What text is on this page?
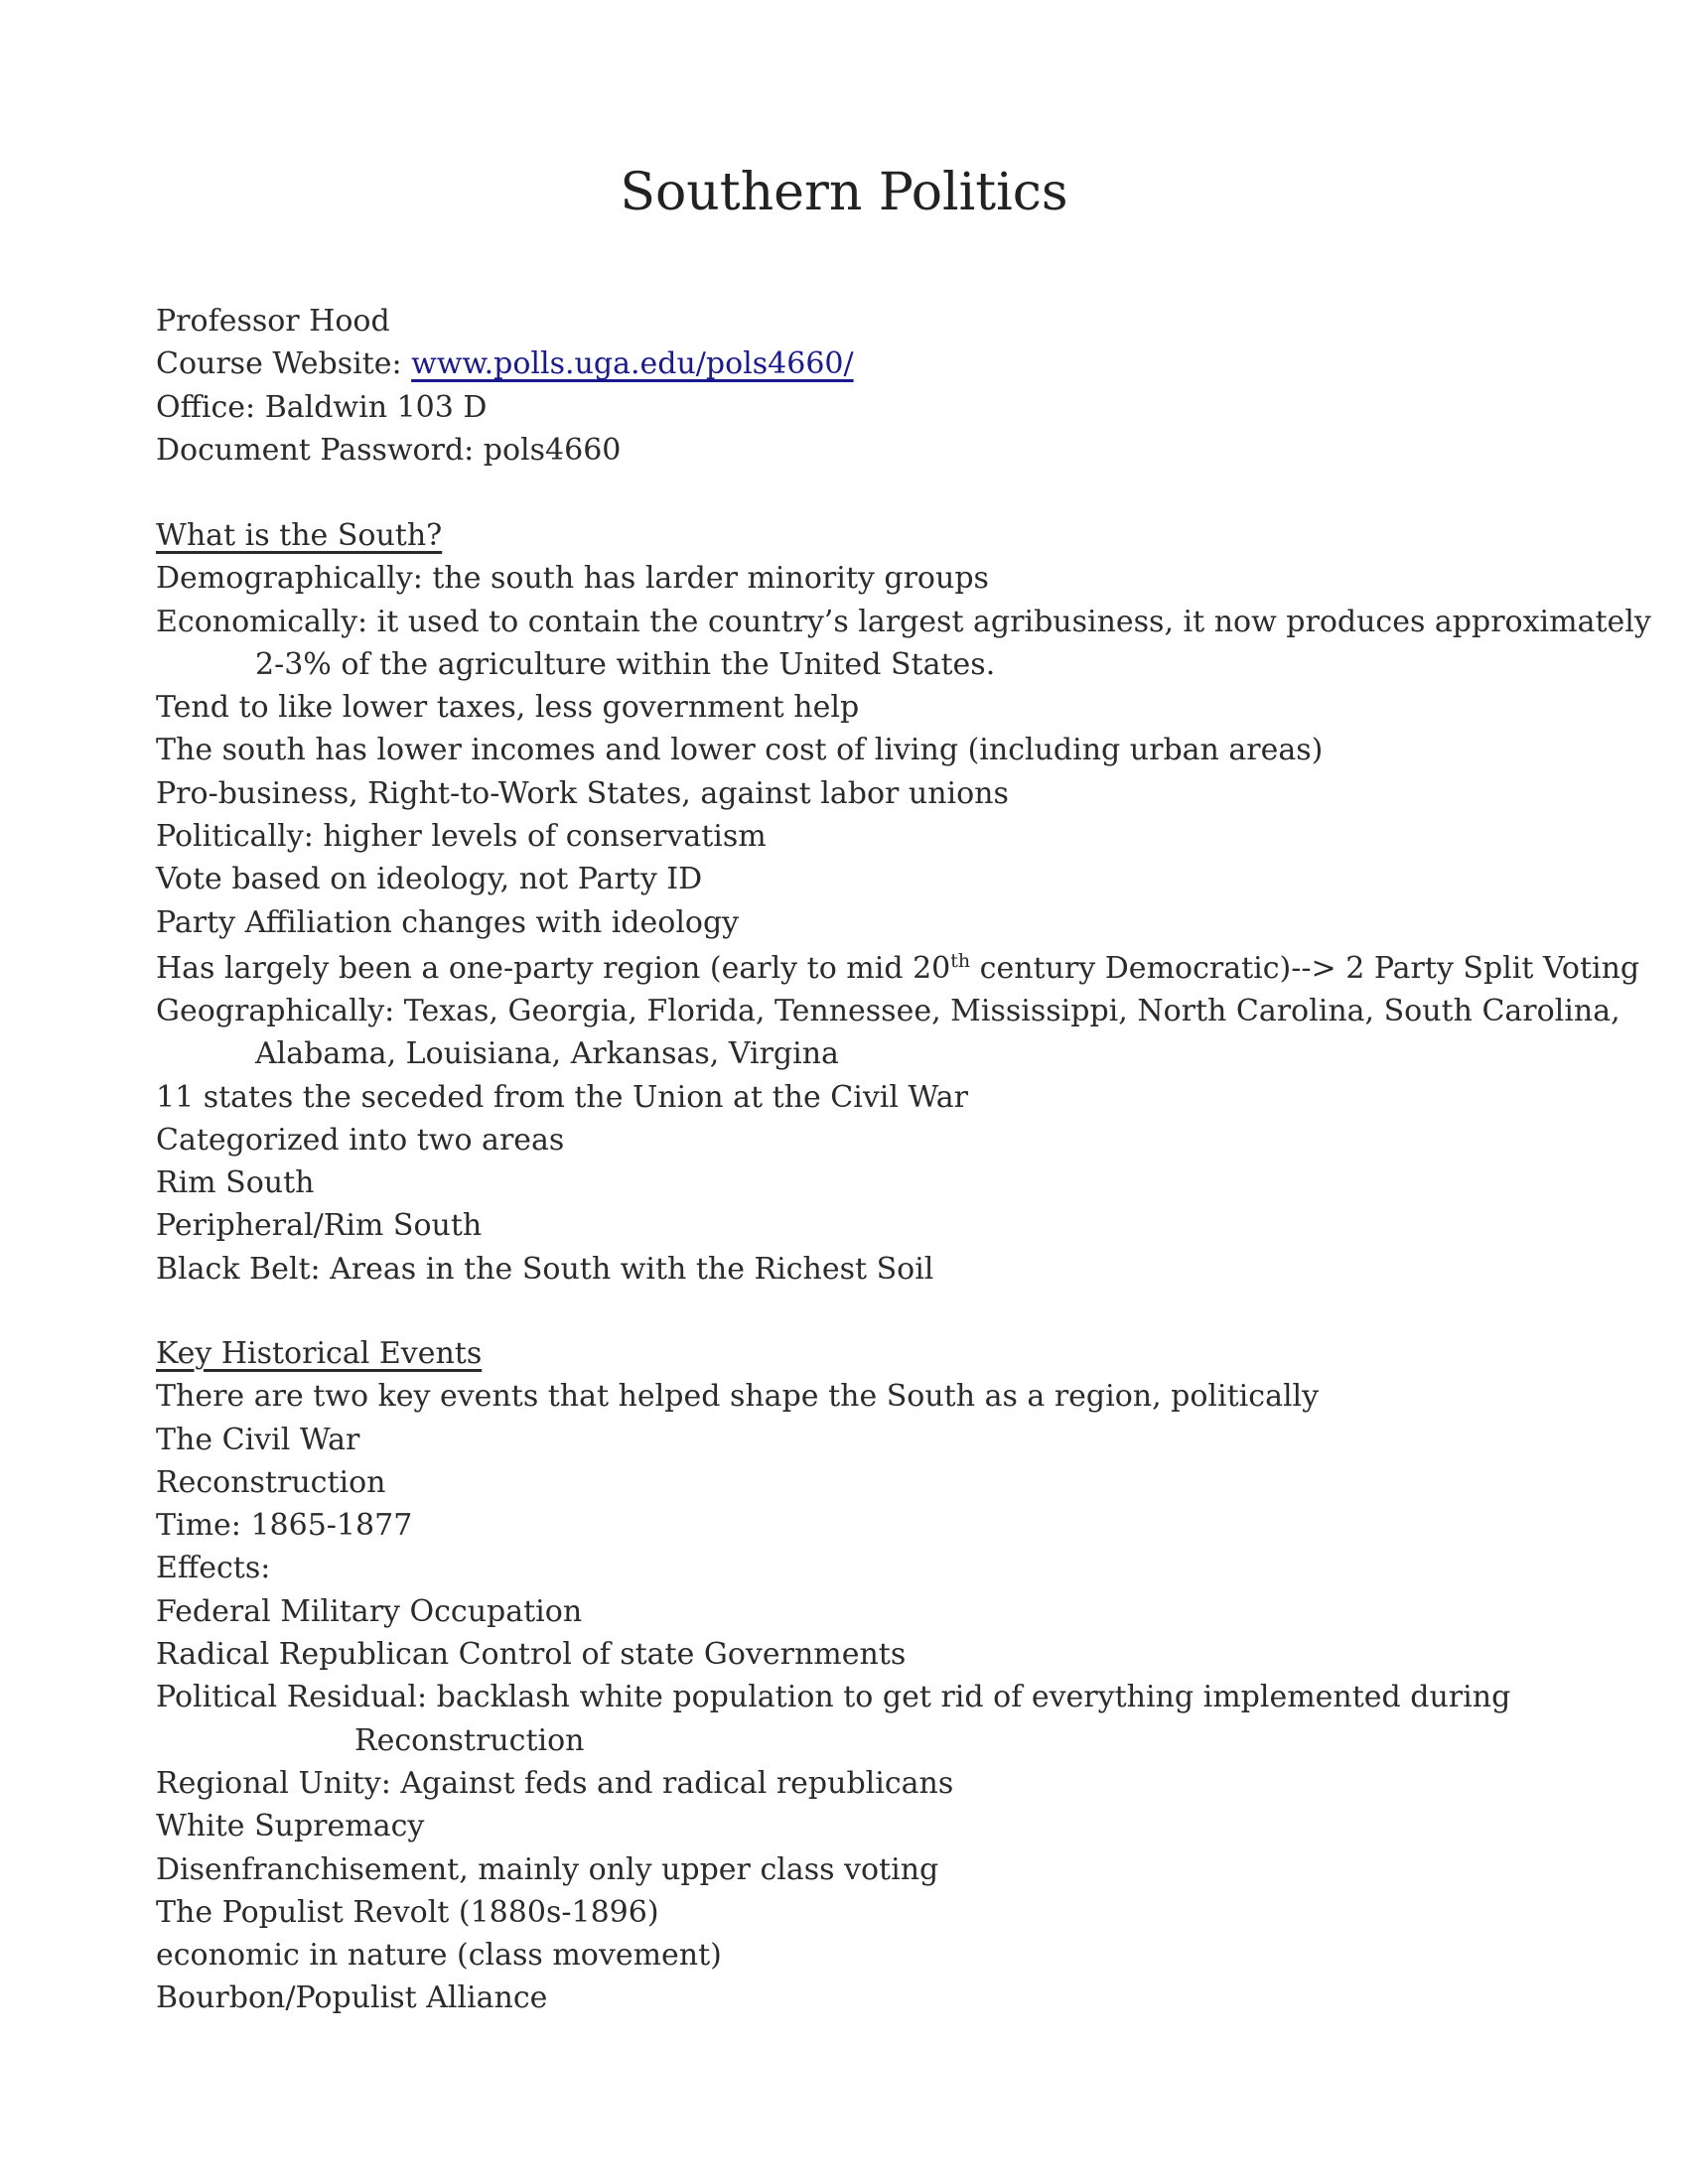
Southern Politics
Professor Hood
Course Website: www.polls.uga.edu/pols4660/
Office: Baldwin 103 D
Document Password: pols4660
What is the South?
Demographically: the south has larder minority groups
Economically: it used to contain the country’s largest agribusiness, it now produces approximately
2-3% of the agriculture within the United States.
Tend to like lower taxes, less government help
The south has lower incomes and lower cost of living (including urban areas)
Pro-business, Right-to-Work States, against labor unions
Politically: higher levels of conservatism
Vote based on ideology, not Party ID
Party Affiliation changes with ideology
Has largely been a one-party region (early to mid 20th century Democratic)--> 2 Party Split Voting
Geographically: Texas, Georgia, Florida, Tennessee, Mississippi, North Carolina, South Carolina,
Alabama, Louisiana, Arkansas, Virgina
11 states the seceded from the Union at the Civil War
Categorized into two areas
Rim South
Peripheral/Rim South
Black Belt: Areas in the South with the Richest Soil
Key Historical Events
There are two key events that helped shape the South as a region, politically
The Civil War
Reconstruction
Time: 1865-1877
Effects:
Federal Military Occupation
Radical Republican Control of state Governments
Political Residual: backlash white population to get rid of everything implemented during
Reconstruction
Regional Unity: Against feds and radical republicans
White Supremacy
Disenfranchisement, mainly only upper class voting
The Populist Revolt (1880s-1896)
economic in nature (class movement)
Bourbon/Populist Alliance
